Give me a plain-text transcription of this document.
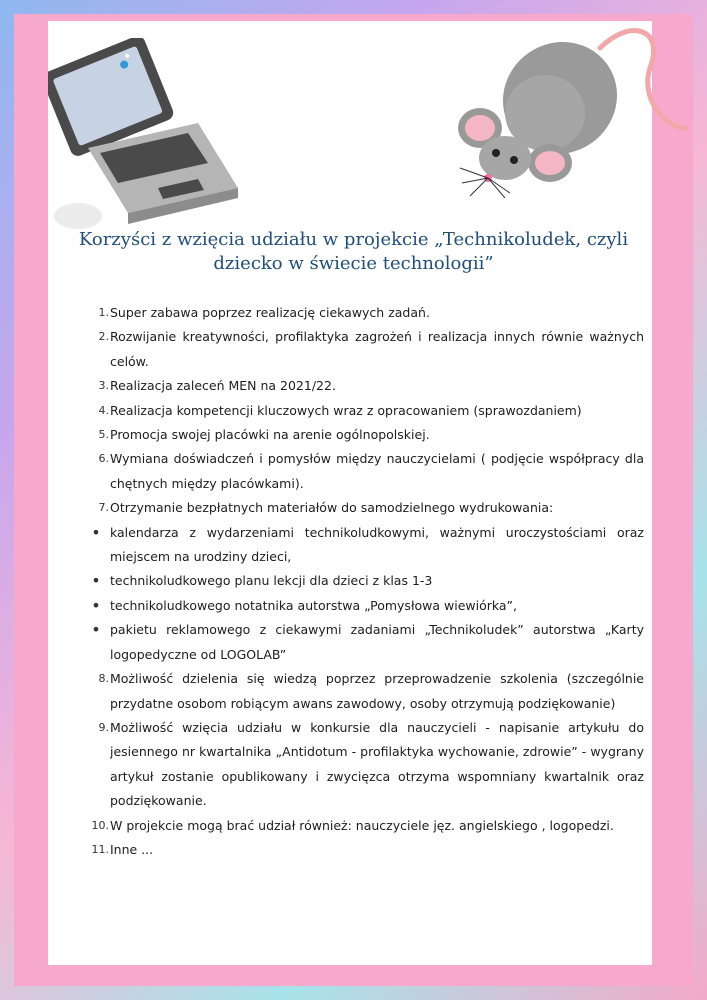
Korzyści z wzięcia udziału w projekcie „Technikoludek, czyli dziecko w świecie technologii”
1. Super zabawa poprzez realizację ciekawych zadań.
2. Rozwijanie kreatywności, profilaktyka zagrożeń i realizacja innych równie ważnych celów.
3. Realizacja zaleceń MEN na 2021/22.
4. Realizacja kompetencji kluczowych wraz z opracowaniem (sprawozdaniem)
5. Promocja swojej placówki na arenie ogólnopolskiej.
6. Wymiana doświadczeń i pomysłów między nauczycielami ( podjęcie współpracy dla chętnych między placówkami).
7. Otrzymanie bezpłatnych materiałów do samodzielnego wydrukowania:
• kalendarza z wydarzeniami technikoludkowymi, ważnymi uroczystościami oraz miejscem na urodziny dzieci,
• technikoludkowego planu lekcji dla dzieci z klas 1-3
• technikoludkowego notatnika autorstwa „Pomysłowa wiewiórka”,
• pakietu reklamowego z ciekawymi zadaniami „Technikoludek” autorstwa „Karty logopedyczne od LOGOLAB”
8. Możliwość dzielenia się wiedzą poprzez przeprowadzenie szkolenia (szczególnie przydatne osobom robiącym awans zawodowy, osoby otrzymują podziękowanie)
9. Możliwość wzięcia udziału w konkursie dla nauczycieli - napisanie artykułu do jesiennego nr kwartalnika „Antidotum - profilaktyka wychowanie, zdrowie” - wygrany artykuł zostanie opublikowany i zwycięzca otrzyma wspomniany kwartalnik oraz podziękowanie.
10. W projekcie mogą brać udział również: nauczyciele jęz. angielskiego , logopedzi.
11. Inne ...
